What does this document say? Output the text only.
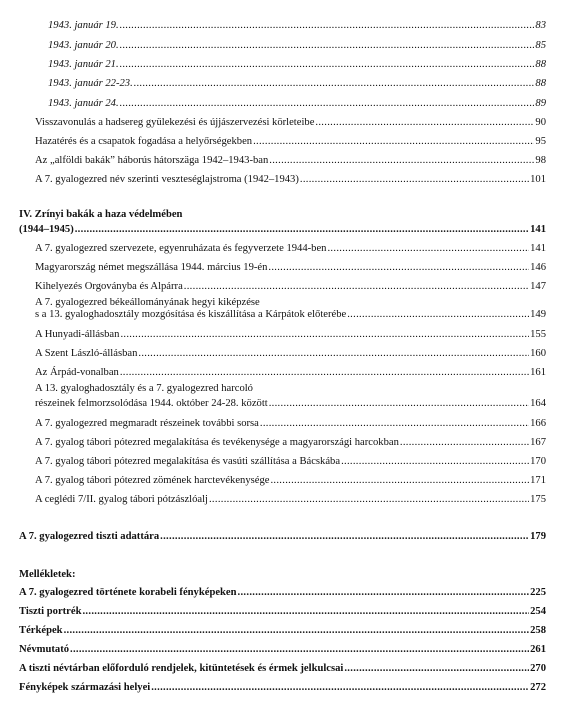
1943. január 19. .....	83
1943. január 20. .....	85
1943. január 21. .....	88
1943. január 22-23. .....	88
1943. január 24. .....	89
Visszavonulás a hadsereg gyülekezési és újjászervezési körleteibe .....	90
Hazatérés és a csapatok fogadása a helyőrségekben .....	95
Az „alföldi bakák” háborús hátorszäga 1942–1943-ban .....	98
A 7. gyalogezred név szerinti veszteséglajstroma (1942–1943) .....	101
IV. Zrínyi bakák a haza védelmében
(1944–1945) .....	141
A 7. gyalogezred szervezete, egyenruházata és fegyverzete 1944-ben .....	141
Magyarország német megszállása 1944. március 19-én .....	146
Kihelyezés Orgoványba és Alpárra .....	147
A 7. gyalogezred békeállományának hegyi kiképzése
s a 13. gyaloghadosztály mozgósítása és kiszállítása a Kárpátok előterébe .....	149
A Hunyadi-állásban .....	155
A Szent László-állásban .....	160
Az Árpád-vonalban .....	161
A 13. gyaloghadosztály és a 7. gyalogezred harcoló
részeinek felmorzsolódása 1944. október 24-28. között .....	164
A 7. gyalogezred megmaradt részeinek további sorsa .....	166
A 7. gyalog tábori pótezred megalakítása és tevékenysége a magyarországi harcokban .....	167
A 7. gyalog tábori pótezred megalakítása és vasúti szállítása a Bácskába .....	170
A 7. gyalog tábori pótezred zömének harctevékenysége .....	171
A ceglédi 7/II. gyalog tábori pótzászlóalj .....	175
A 7. gyalogezred tiszti adattára .....	179
Mellékletek:
A 7. gyalogezred története korabeli fényképeken .....	225
Tiszti portrék .....	254
Térképek .....	258
Névmutató .....	261
A tiszti névtárban előforduló rendjelek, kitüntetések és érmek jelkulcsai .....	270
Fényképek származási helyei .....	272
